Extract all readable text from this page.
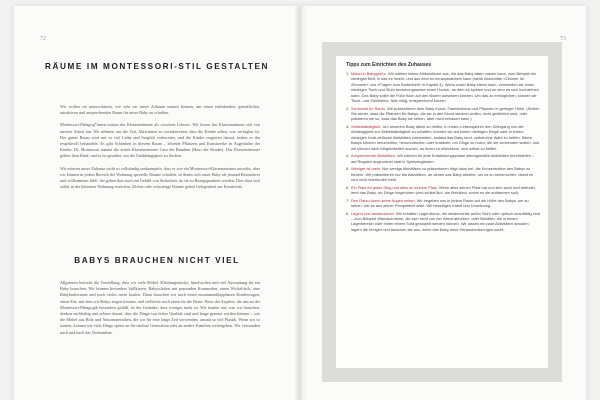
72
RÄUME IM MONTESSORI-STIL GESTALTEN

Wir wollen sie unterschätzen, wie sehr wir unser Zuhause nutzen können, um einen einladenden, gemütlichen, attraktiven und ansprechenden Raum für unser Baby zu schaffen.

Montessori-Pädagog*innen nutzen das Klassenzimmer als »zweiten Lehrer«. Wir lassen das Klassenzimmer viel von unserer Arbeit tun. Wir nehmen uns die Zeit, Aktivitäten zu vorzubereiten, dass die Kinder sehen, was verfügbar ist. Der ganze Raum wird mit so viel Liebe und Sorgfalt vorbereitet, und die Kinder reagieren darauf, indem es ihn respektvoll behandeln. Es gibt Schönheit in diesem Raum – lebende Pflanzen und Kunstwerke in Augenhöhe der Kinder. Dr. Montessori nannte die ersten Klassenzimmer Casa dei Bambini (Haus der Kinder). Das Klassenzimmer gehört dem Kind, und es ist gestaltet, um die Unabhängigkeit zu fördern.

Wir müssen unser Zuhause nicht so vollständig umkrempeln, dass es wie ein Montessori-Klassenzimmer aussieht, aber wir können in jedem Bereich der Wohnung spezielle Räume schaffen, in denen sich unser Baby als jemand Besonderer und willkommen fühlt. Sie geben ihm auch ein Gefühl von Sicherheit, da sie zu Bezugspunkten werden. Dies lässt sich selbst in der kleinsten Wohnung erreichen. Kleine oder schwierige Räume geben Gelegenheit zur Kreativität.

BABYS BRAUCHEN NICHT VIEL

Allgemein herrscht die Vorstellung, dass wir viele Möbel, Kleidungsstücke, Spielsachen und viel Ausstattung für ein Baby brauchen. Wir können besonders Stillkissen, Babyschalen mit passenden Kommoden, einen Wickeltisch, eine Babybadewanne und noch vieles mehr kaufen. Dann brauchen wir noch einen zusammenklappbaren Kinderwagen, einen Sitz, mit dem wir Babys tragen können, und vielleicht noch einen für die Reise. Einer der Aspekte, die uns an der Montessori-Pädagogik besonders gefällt, ist der Gedanke, dass weniger mehr ist. Wir kaufen nur, was wir brauchen, denken nachhaltig und achten darauf, dass die Dinge von hoher Qualität sind und lange genutzt werden können – wie die Möbel aus Holz und Naturmaterialien, die wir für eine lange Zeit verwenden, anstatt so viel Plastik. Wenn wir so kaufen, können wir viele Dinge später an die nächste Generation oder an andere Familien weitergeben. Wir verwenden nach und nach das Vorhandene.

73
Tipps zum Einrichten des Zuhauses
1. Möbel in Babygröße. Wir wählen kleine Möbelstücke aus, die das Baby allein nutzen kann, zum Beispiel ein niedriges Bett, in das es hinein- und aus dem es herauskrabbeln kann (siehe Abschnitte »Zimmer für Zimmern« und »Fragen zum Bodenbett« in Kapitel 4). Wenn unser Baby sitzen kann, verwenden wir einen niedrigen Tisch und Stuhl beziehungsweise einen Hocker, an dem es spielen und an dem es sich hochziehen kann. Das Baby sollte die Füße flach auf den Boden aufsetzen können. Um das zu ermöglichen, können wir Tisch- und Stuhlbeine, falls nötig, entsprechend kürzen.
2. Schönheit im Raum. Wir präsentieren dem Baby Kunst, Familienfotos und Pflanzen in geringer Höhe. (Stellen Sie sicher, dass die Pflanzen für Babys, die sie in den Mund stecken wollen, nicht gefährlich sind, oder platzieren sie so, dass das Baby sie sehen, aber nicht erfassen kann.)
3. Selbstständigkeit. Um unserem Baby dabei zu helfen, in ersten Lebensjahren den Übergang von der Abhängigkeit zur Selbstständigkeit zu schaffen, können wir auf einem niedrigen Regal oder in einem niedrigen Korb einfache Aktivitäten vorbereiten, sodass das Baby lernt, selbst eine Wahl zu treffen. Ältere Babys können herumrollen, herumrutschen oder krabbeln, um Dinge zu holen, die sie verwenden wollen, und wir können nach Möglichkeiten suchen, es ihnen zu erleichtern, sich selbst zu helfen.
4. Ansprechende Aktivitäten. Wir können für jede Entwicklungsphase altersgemäße Aktivitäten bereitstellen – auf Regalen angeordnet statt in Spielzeugkisten.
5. Weniger ist mehr. Nur wenige Aktivitäten zu präsentieren trägt dazu bei, die Konzentration des Babys zu fördern. Wir präsentieren nur die Aktivitäten, an denen das Baby arbeitet, um es zu beherrschen, damit es sich nicht überfordert fühlt.
6. Ein Platz für jedes Ding und alles an seinem Platz. Wenn alles seinen Platz hat und sich auch dort befindet, lernt das Baby, wo Dinge hingehören (und schließlich, als Kleinkind, wohin es sie aufräumen soll).
7. Den Raum durch seine Augen sehen. Wir begeben uns in jedem Raum auf die Höhe des Babys, um zu sehen, wie es aus seiner Perspektive wirkt. Wir beseitigen Kabel und Unordnung.
8. Lagern und austauschen. Wir schaffen Lagerräume, die idealerweise außer Sicht oder optisch unauffällig sind – zum Beispiel Wandschränke, die sich nicht von der Wand abheben, oder Behälter, die in einem Lagerbereich oder hinter einem Sofa gestapelt werden können. Wir lassen ein paar Aktivitäten draußen, lagern die übrigen und tauschen sie aus, wenn das Baby neue Herausforderungen sucht.
